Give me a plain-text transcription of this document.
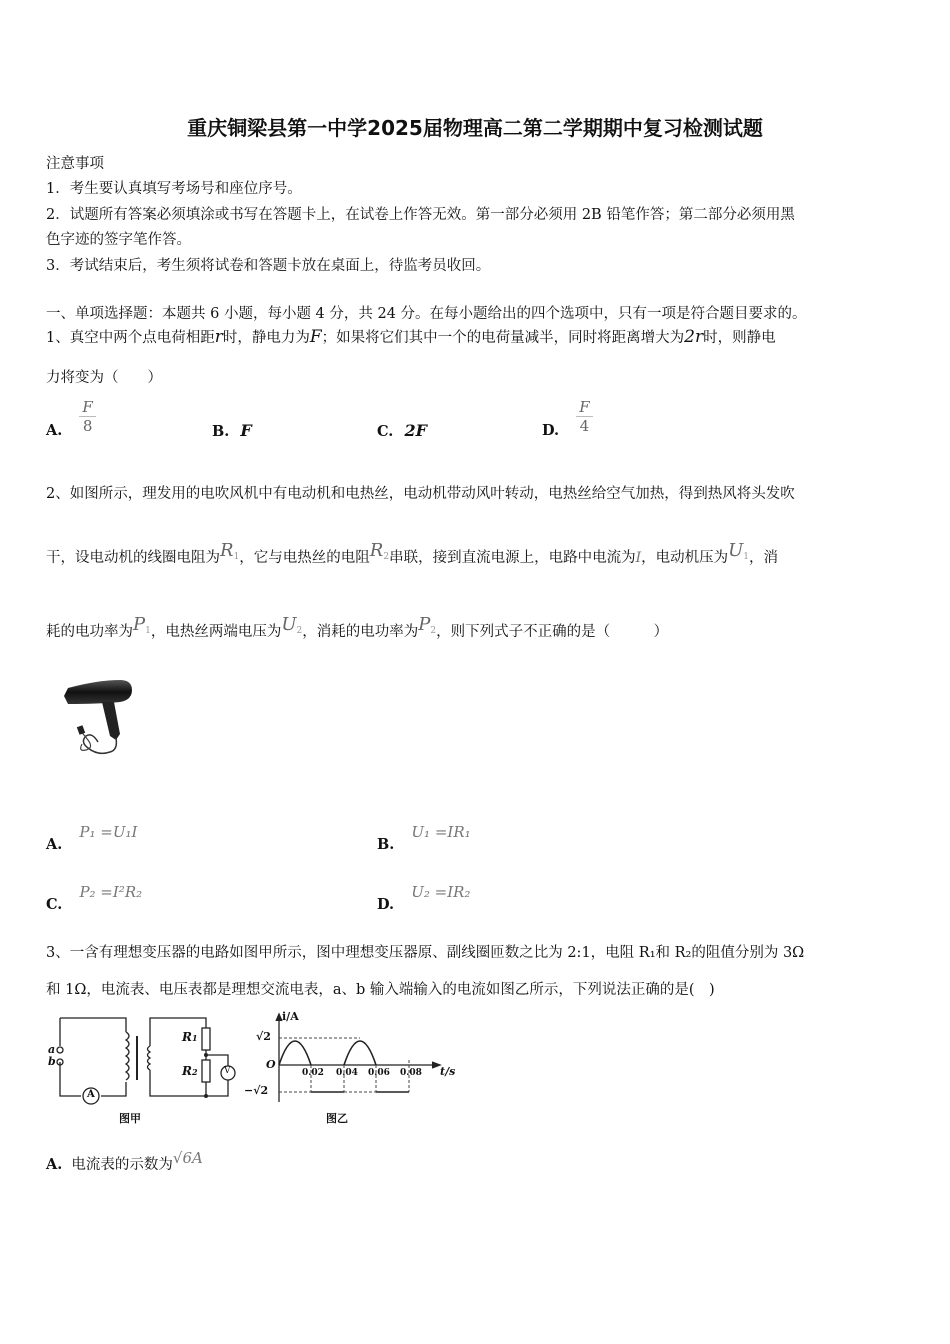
重庆铜梁县第一中学2025届物理高二第二学期期中复习检测试题
注意事项
1．考生要认真填写考场号和座位序号。
2．试题所有答案必须填涂或书写在答题卡上，在试卷上作答无效。第一部分必须用 2B 铅笔作答；第二部分必须用黑
色字迹的签字笔作答。
3．考试结束后，考生须将试卷和答题卡放在桌面上，待监考员收回。
一、单项选择题：本题共 6 小题，每小题 4 分，共 24 分。在每小题给出的四个选项中，只有一项是符合题目要求的。
1、真空中两个点电荷相距r时，静电力为F；如果将它们其中一个的电荷量减半，同时将距离增大为2r时，则静电
力将变为（　　）
A. $\frac{F}{8}$	B. F	C. 2F	D. $\frac{F}{4}$
2、如图所示，理发用的电吹风机中有电动机和电热丝，电动机带动风叶转动，电热丝给空气加热，得到热风将头发吹
干，设电动机的线圈电阻为$R_1$，它与电热丝的电阻$R_2$串联，接到直流电源上，电路中电流为I，电动机压为$U_1$，消
耗的电功率为$P_1$，电热丝两端电压为$U_2$，消耗的电功率为$P_2$，则下列式子不正确的是（　　　）
A. P₁ =U₁I
B. U₁ =IR₁
C. P₂ =I²R₂
D. U₂ =IR₂
3、一含有理想变压器的电路如图甲所示，图中理想变压器原、副线圈匝数之比为 2:1，电阻 R₁和 R₂的阻值分别为 3Ω
和 1Ω，电流表、电压表都是理想交流电表，a、b 输入端输入的电流如图乙所示，下列说法正确的是(　)
a
b
A
V
R1
R2
图甲
i/A
√2
O
−√2
0.02 0.04 0.06 0.08 t/s
图乙
A. 电流表的示数为√6A
